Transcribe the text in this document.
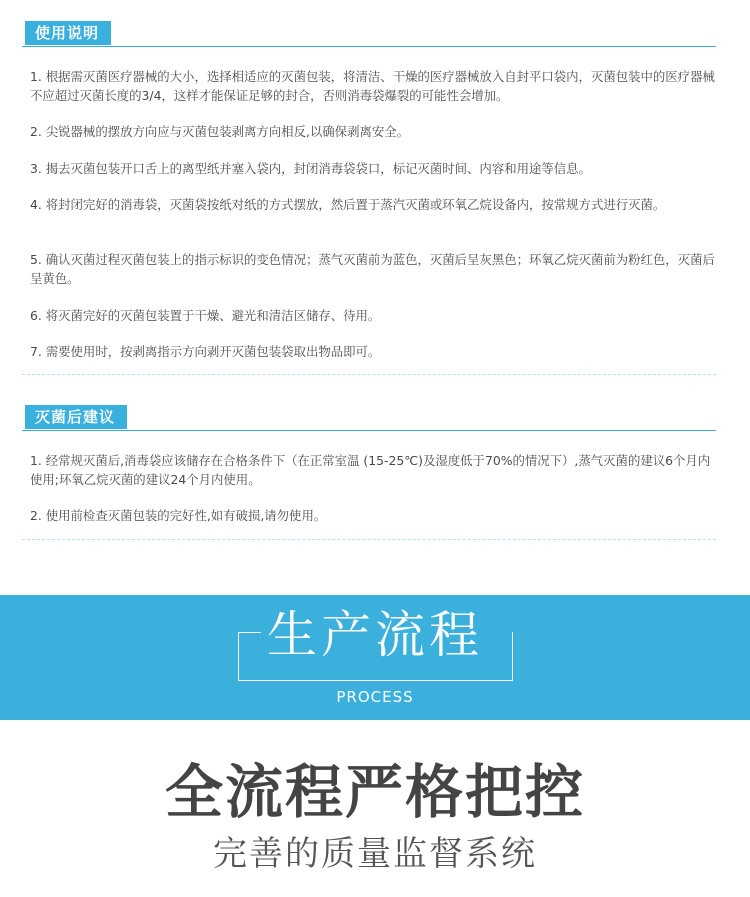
使用说明

1. 根据需灭菌医疗器械的大小，选择相适应的灭菌包装，将清洁、干燥的医疗器械放入自封平口袋内，灭菌包装中的医疗器械不应超过灭菌长度的3/4，这样才能保证足够的封合，否则消毒袋爆裂的可能性会增加。

2. 尖锐器械的摆放方向应与灭菌包装剥离方向相反,以确保剥离安全。

3. 揭去灭菌包装开口舌上的离型纸并塞入袋内，封闭消毒袋袋口，标记灭菌时间、内容和用途等信息。

4. 将封闭完好的消毒袋，灭菌袋按纸对纸的方式摆放，然后置于蒸汽灭菌或环氧乙烷设备内，按常规方式进行灭菌。

5. 确认灭菌过程灭菌包装上的指示标识的变色情况；蒸气灭菌前为蓝色，灭菌后呈灰黑色；环氧乙烷灭菌前为粉红色，灭菌后呈黄色。

6. 将灭菌完好的灭菌包装置于干燥、避光和清洁区储存、待用。

7. 需要使用时，按剥离指示方向剥开灭菌包装袋取出物品即可。

灭菌后建议

1. 经常规灭菌后,消毒袋应该储存在合格条件下（在正常室温 (15-25℃)及湿度低于70%的情况下）,蒸气灭菌的建议6个月内使用;环氧乙烷灭菌的建议24个月内使用。

2. 使用前检查灭菌包装的完好性,如有破损,请勿使用。

生产流程
PROCESS
全流程严格把控
完善的质量监督系统
